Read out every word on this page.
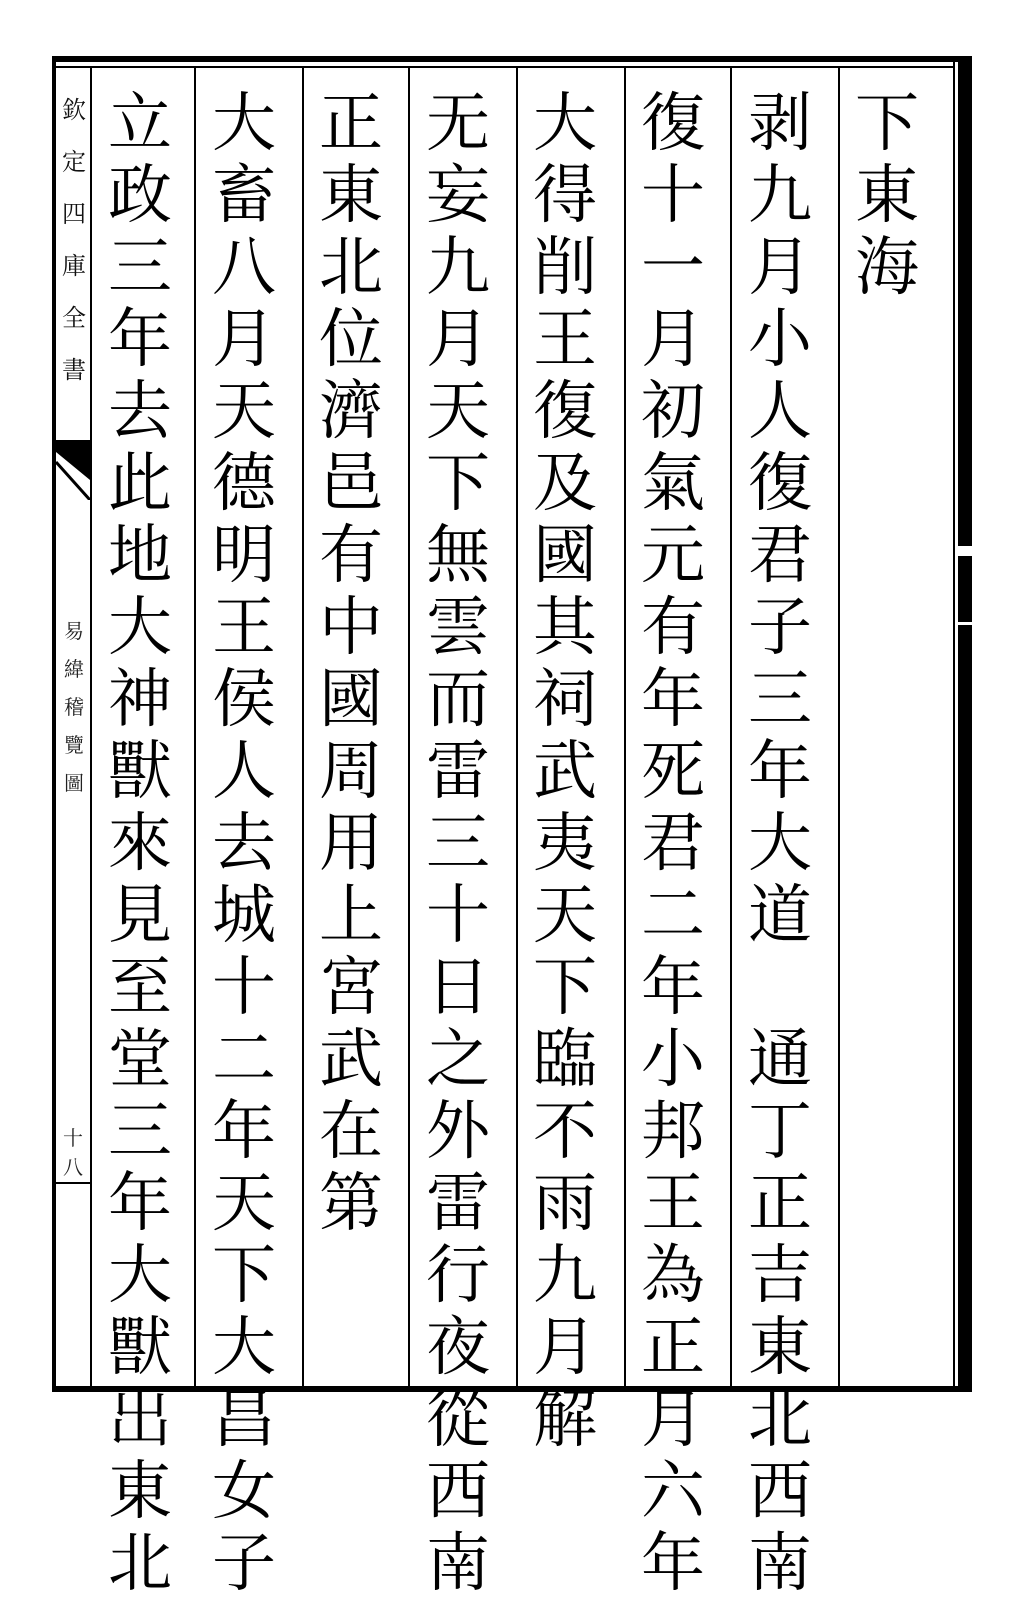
欽
定
四
庫
全
書
易
緯
稽
覽
圖
十八
下
東
海
剥
九
月
小
人
復
君
子
三
年
大
道
通
丁
正
吉
東
北
西
南
復
十
一
月
初
氣
元
有
年
死
君
二
年
小
邦
王
為
正
月
六
年
大
得
削
王
復
及
國
其
祠
武
夷
天
下
臨
不
雨
九
月
解
无
妄
九
月
天
下
無
雲
而
雷
三
十
日
之
外
雷
行
夜
從
西
南
正
東
北
位
濟
邑
有
中
國
周
用
上
宮
武
在
第
大
畜
八
月
天
德
明
王
侯
人
去
城
十
二
年
天
下
大
昌
女
子
立
政
三
年
去
此
地
大
神
獸
來
見
至
堂
三
年
大
獸
出
東
北
